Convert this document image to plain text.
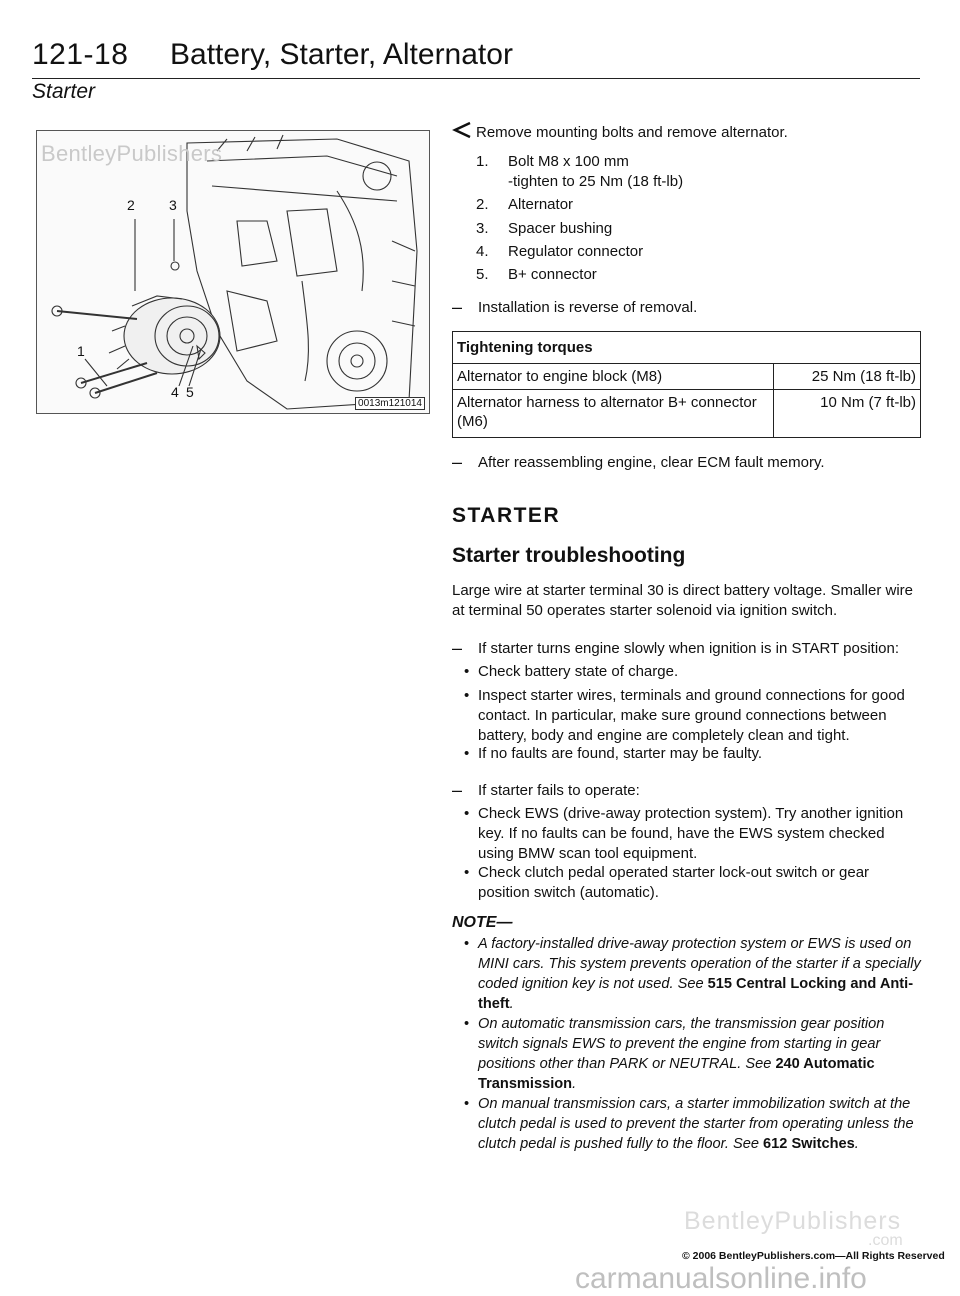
121-18 Battery, Starter, Alternator
Starter
BentleyPublishers
2 3
1
4 5
0013m121014
Remove mounting bolts and remove alternator.
1. Bolt M8 x 100 mm
-tighten to 25 Nm (18 ft-lb)
2. Alternator
3. Spacer bushing
4. Regulator connector
5. B+ connector
– Installation is reverse of removal.
Tightening torques	
Alternator to engine block (M8)	25 Nm (18 ft-lb)
Alternator harness to alternator B+ connector (M6)	10 Nm (7 ft-lb)
– After reassembling engine, clear ECM fault memory.
STARTER
Starter troubleshooting
Large wire at starter terminal 30 is direct battery voltage. Smaller wire at terminal 50 operates starter solenoid via ignition switch.
– If starter turns engine slowly when ignition is in START position:
• Check battery state of charge.
• Inspect starter wires, terminals and ground connections for good contact. In particular, make sure ground connections between battery, body and engine are completely clean and tight.
• If no faults are found, starter may be faulty.
– If starter fails to operate:
• Check EWS (drive-away protection system). Try another ignition key. If no faults can be found, have the EWS system checked using BMW scan tool equipment.
• Check clutch pedal operated starter lock-out switch or gear position switch (automatic).
NOTE—
• A factory-installed drive-away protection system or EWS is used on MINI cars. This system prevents operation of the starter if a specially coded ignition key is not used. See 515 Central Locking and Anti-theft.
• On automatic transmission cars, the transmission gear position switch signals EWS to prevent the engine from starting in gear positions other than PARK or NEUTRAL. See 240 Automatic Transmission.
• On manual transmission cars, a starter immobilization switch at the clutch pedal is used to prevent the starter from operating unless the clutch pedal is pushed fully to the floor. See 612 Switches.
BentleyPublishers
.com
© 2006 BentleyPublishers.com—All Rights Reserved
carmanualsonline.info
